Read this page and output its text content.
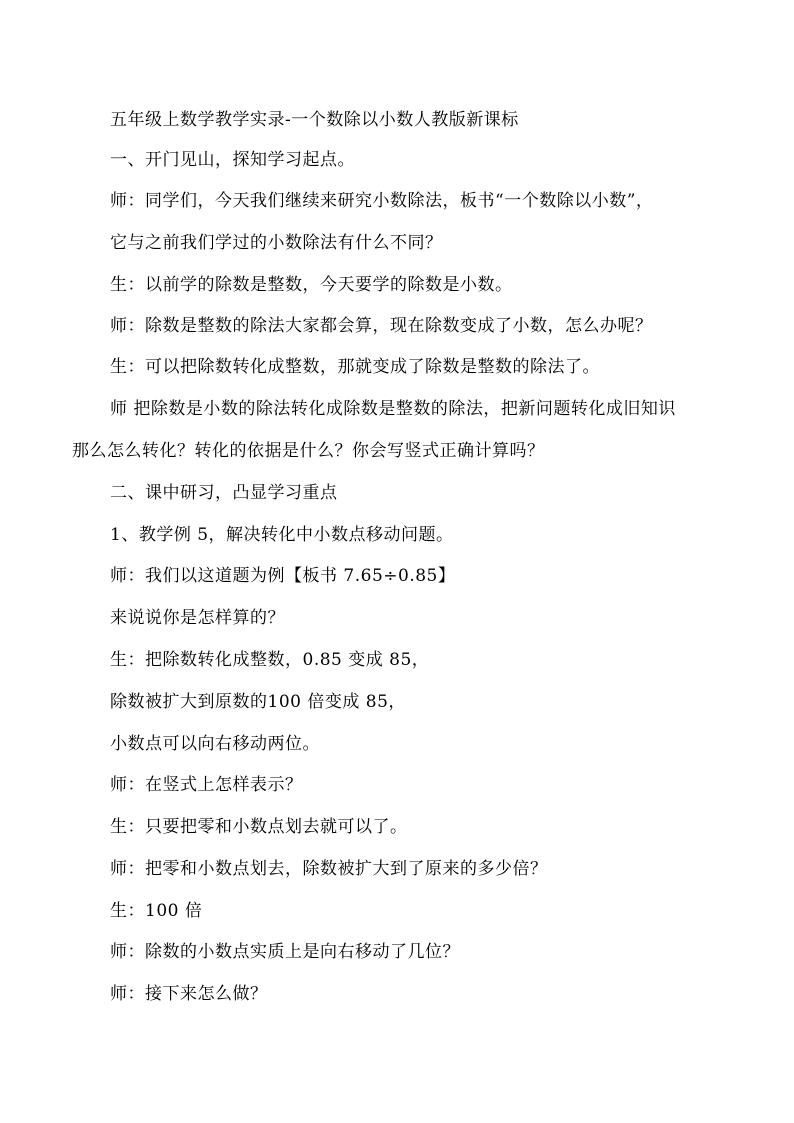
五年级上数学教学实录-一个数除以小数人教版新课标
一、开门见山，探知学习起点。
师：同学们，今天我们继续来研究小数除法，板书“一个数除以小数”，
它与之前我们学过的小数除法有什么不同？
生：以前学的除数是整数，今天要学的除数是小数。
师：除数是整数的除法大家都会算，现在除数变成了小数，怎么办呢？
生：可以把除数转化成整数，那就变成了除数是整数的除法了。
师 把除数是小数的除法转化成除数是整数的除法，把新问题转化成旧知识
那么怎么转化？转化的依据是什么？你会写竖式正确计算吗？
二、课中研习，凸显学习重点
1、教学例 5，解决转化中小数点移动问题。
师：我们以这道题为例【板书 7.65÷0.85】
来说说你是怎样算的？
生：把除数转化成整数，0.85 变成 85，
除数被扩大到原数的100 倍变成 85，
小数点可以向右移动两位。
师：在竖式上怎样表示？
生：只要把零和小数点划去就可以了。
师：把零和小数点划去，除数被扩大到了原来的多少倍？
生：100 倍
师：除数的小数点实质上是向右移动了几位？
师：接下来怎么做？
